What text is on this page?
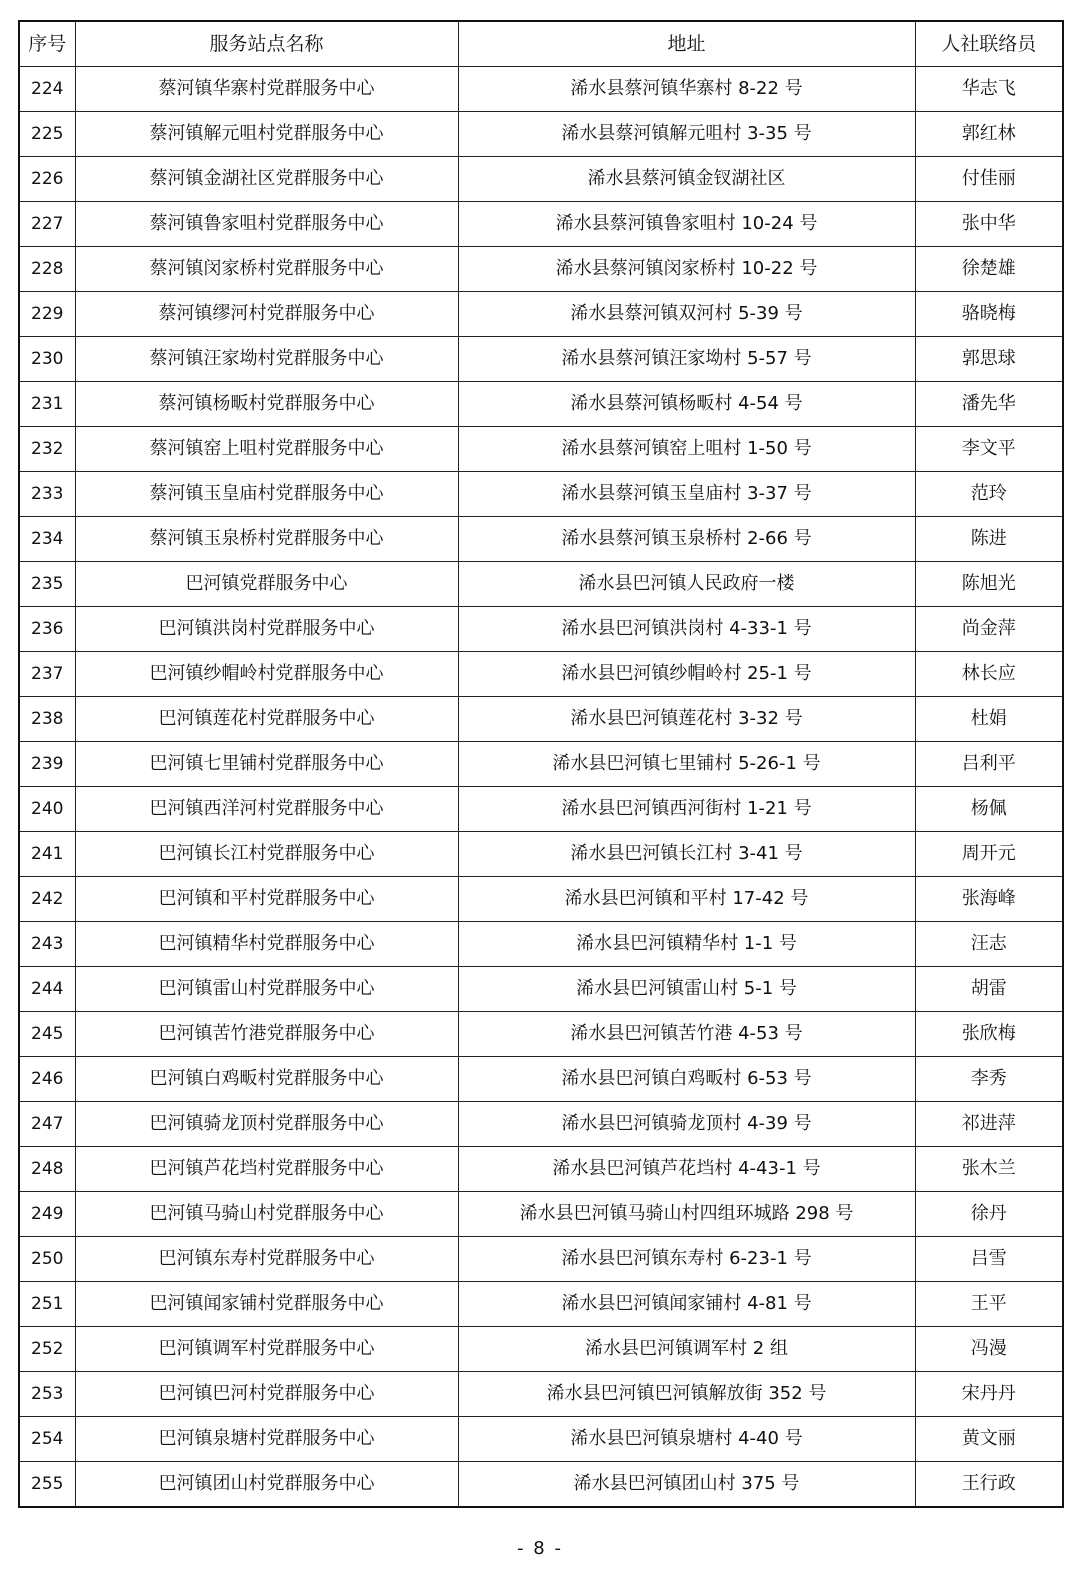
序号	服务站点名称	地址	人社联络员
224	蔡河镇华寨村党群服务中心	浠水县蔡河镇华寨村 8-22 号	华志飞
225	蔡河镇解元咀村党群服务中心	浠水县蔡河镇解元咀村 3-35 号	郭红林
226	蔡河镇金湖社区党群服务中心	浠水县蔡河镇金钗湖社区	付佳丽
227	蔡河镇鲁家咀村党群服务中心	浠水县蔡河镇鲁家咀村 10-24 号	张中华
228	蔡河镇闵家桥村党群服务中心	浠水县蔡河镇闵家桥村 10-22 号	徐楚雄
229	蔡河镇缪河村党群服务中心	浠水县蔡河镇双河村 5-39 号	骆晓梅
230	蔡河镇汪家坳村党群服务中心	浠水县蔡河镇汪家坳村 5-57 号	郭思球
231	蔡河镇杨畈村党群服务中心	浠水县蔡河镇杨畈村 4-54 号	潘先华
232	蔡河镇窑上咀村党群服务中心	浠水县蔡河镇窑上咀村 1-50 号	李文平
233	蔡河镇玉皇庙村党群服务中心	浠水县蔡河镇玉皇庙村 3-37 号	范玲
234	蔡河镇玉泉桥村党群服务中心	浠水县蔡河镇玉泉桥村 2-66 号	陈进
235	巴河镇党群服务中心	浠水县巴河镇人民政府一楼	陈旭光
236	巴河镇洪岗村党群服务中心	浠水县巴河镇洪岗村 4-33-1 号	尚金萍
237	巴河镇纱帽岭村党群服务中心	浠水县巴河镇纱帽岭村 25-1 号	林长应
238	巴河镇莲花村党群服务中心	浠水县巴河镇莲花村 3-32 号	杜娟
239	巴河镇七里铺村党群服务中心	浠水县巴河镇七里铺村 5-26-1 号	吕利平
240	巴河镇西洋河村党群服务中心	浠水县巴河镇西河街村 1-21 号	杨佩
241	巴河镇长江村党群服务中心	浠水县巴河镇长江村 3-41 号	周开元
242	巴河镇和平村党群服务中心	浠水县巴河镇和平村 17-42 号	张海峰
243	巴河镇精华村党群服务中心	浠水县巴河镇精华村 1-1 号	汪志
244	巴河镇雷山村党群服务中心	浠水县巴河镇雷山村 5-1 号	胡雷
245	巴河镇苦竹港党群服务中心	浠水县巴河镇苦竹港 4-53 号	张欣梅
246	巴河镇白鸡畈村党群服务中心	浠水县巴河镇白鸡畈村 6-53 号	李秀
247	巴河镇骑龙顶村党群服务中心	浠水县巴河镇骑龙顶村 4-39 号	祁进萍
248	巴河镇芦花垱村党群服务中心	浠水县巴河镇芦花垱村 4-43-1 号	张木兰
249	巴河镇马骑山村党群服务中心	浠水县巴河镇马骑山村四组环城路 298 号	徐丹
250	巴河镇东寿村党群服务中心	浠水县巴河镇东寿村 6-23-1 号	吕雪
251	巴河镇闻家铺村党群服务中心	浠水县巴河镇闻家铺村 4-81 号	王平
252	巴河镇调军村党群服务中心	浠水县巴河镇调军村 2 组	冯漫
253	巴河镇巴河村党群服务中心	浠水县巴河镇巴河镇解放街 352 号	宋丹丹
254	巴河镇泉塘村党群服务中心	浠水县巴河镇泉塘村 4-40 号	黄文丽
255	巴河镇团山村党群服务中心	浠水县巴河镇团山村 375 号	王行政
- 8 -
